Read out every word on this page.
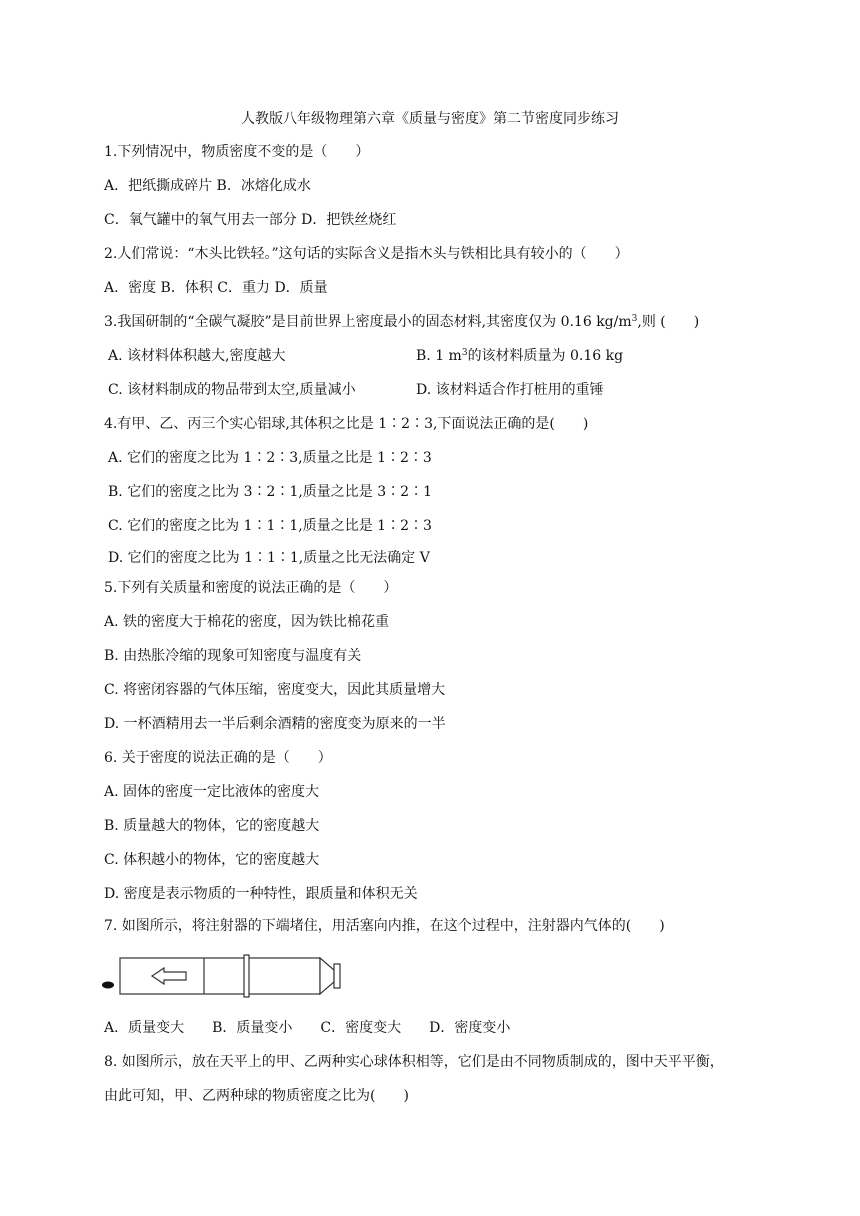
人教版八年级物理第六章《质量与密度》第二节密度同步练习
1.下列情况中，物质密度不变的是（　　）
A．把纸撕成碎片 B．冰熔化成水
C．氧气罐中的氧气用去一部分 D．把铁丝烧红
2.人们常说：“木头比铁轻。”这句话的实际含义是指木头与铁相比具有较小的（　　）
A．密度 B．体积 C．重力 D．质量
3.我国研制的“全碳气凝胶”是目前世界上密度最小的固态材料,其密度仅为 0.16 $kg/m^3$,则 (　　)
A. 该材料体积越大,密度越大	B. 1 $m^3$的该材料质量为 0.16 kg
C. 该材料制成的物品带到太空,质量减小	D. 该材料适合作打桩用的重锤
4.有甲、乙、丙三个实心铝球,其体积之比是 1∶2∶3,下面说法正确的是(　　)
A. 它们的密度之比为 1∶2∶3,质量之比是 1∶2∶3
B. 它们的密度之比为 3∶2∶1,质量之比是 3∶2∶1
C. 它们的密度之比为 1∶1∶1,质量之比是 1∶2∶3
D. 它们的密度之比为 1∶1∶1,质量之比无法确定 V
5.下列有关质量和密度的说法正确的是（　　）
A. 铁的密度大于棉花的密度，因为铁比棉花重
B. 由热胀冷缩的现象可知密度与温度有关
C. 将密闭容器的气体压缩，密度变大，因此其质量增大
D. 一杯酒精用去一半后剩余酒精的密度变为原来的一半
6. 关于密度的说法正确的是（　　）
A. 固体的密度一定比液体的密度大
B. 质量越大的物体，它的密度越大
C. 体积越小的物体，它的密度越大
D. 密度是表示物质的一种特性，跟质量和体积无关
7. 如图所示，将注射器的下端堵住，用活塞向内推，在这个过程中，注射器内气体的(　　)
A．质量变大　　B．质量变小　　C．密度变大　　D．密度变小
8. 如图所示，放在天平上的甲、乙两种实心球体积相等，它们是由不同物质制成的，图中天平平衡，
由此可知，甲、乙两种球的物质密度之比为(　　)
